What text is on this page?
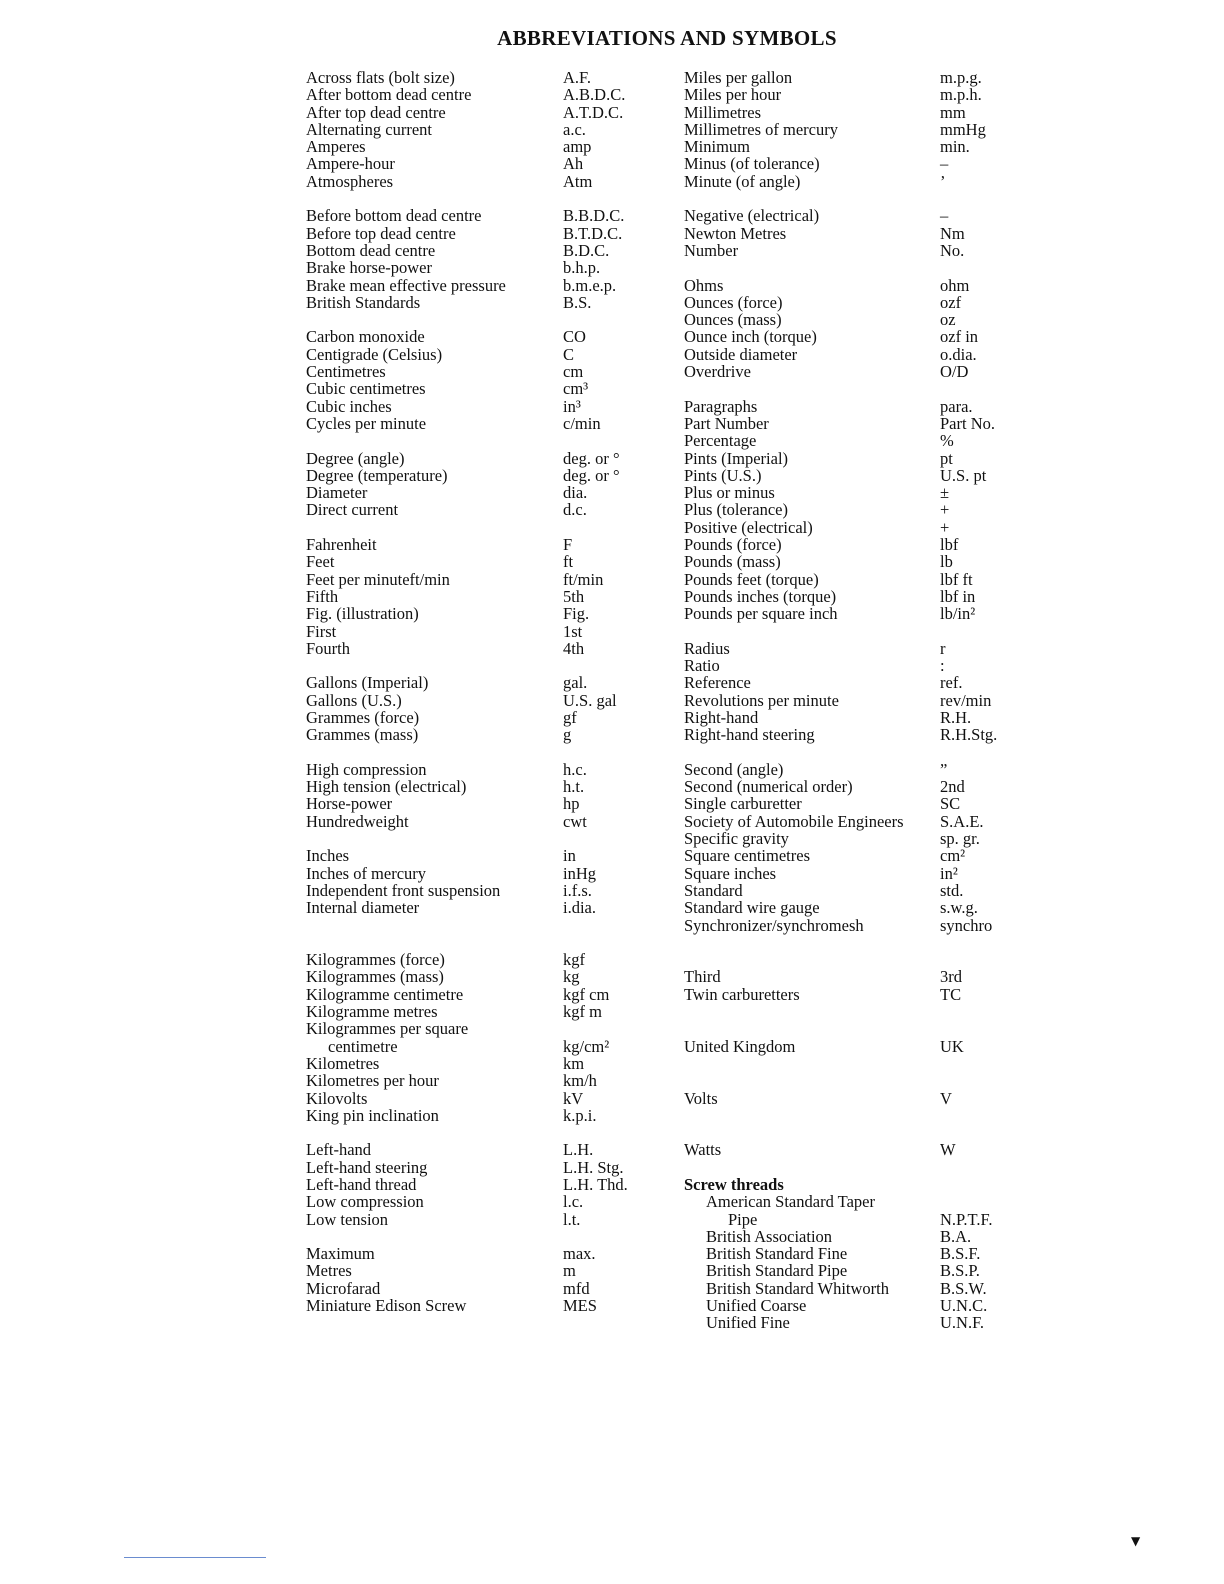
ABBREVIATIONS AND SYMBOLS
Across flats (bolt size)	A.F.
After bottom dead centre	A.B.D.C.
After top dead centre	A.T.D.C.
Alternating current	a.c.
Amperes	amp
Ampere-hour	Ah
Atmospheres	Atm
Before bottom dead centre	B.B.D.C.
Before top dead centre	B.T.D.C.
Bottom dead centre	B.D.C.
Brake horse-power	b.h.p.
Brake mean effective pressure	b.m.e.p.
British Standards	B.S.
Carbon monoxide	CO
Centigrade (Celsius)	C
Centimetres	cm
Cubic centimetres	cm³
Cubic inches	in³
Cycles per minute	c/min
Degree (angle)	deg. or °
Degree (temperature)	deg. or °
Diameter	dia.
Direct current	d.c.
Fahrenheit	F
Feet	ft
Feet per minuteft/min	ft/min
Fifth	5th
Fig. (illustration)	Fig.
First	1st
Fourth	4th
Gallons (Imperial)	gal.
Gallons (U.S.)	U.S. gal
Grammes (force)	gf
Grammes (mass)	g
High compression	h.c.
High tension (electrical)	h.t.
Horse-power	hp
Hundredweight	cwt
Inches	in
Inches of mercury	inHg
Independent front suspension	i.f.s.
Internal diameter	i.dia.
Kilogrammes (force)	kgf
Kilogrammes (mass)	kg
Kilogramme centimetre	kgf cm
Kilogramme metres	kgf m
Kilogrammes per square
centimetre	kg/cm²
Kilometres	km
Kilometres per hour	km/h
Kilovolts	kV
King pin inclination	k.p.i.
Left-hand	L.H.
Left-hand steering	L.H. Stg.
Left-hand thread	L.H. Thd.
Low compression	l.c.
Low tension	l.t.
Maximum	max.
Metres	m
Microfarad	mfd
Miniature Edison Screw	MES
Miles per gallon	m.p.g.
Miles per hour	m.p.h.
Millimetres	mm
Millimetres of mercury	mmHg
Minimum	min.
Minus (of tolerance)	–
Minute (of angle)	’
Negative (electrical)	–
Newton Metres	Nm
Number	No.
Ohms	ohm
Ounces (force)	ozf
Ounces (mass)	oz
Ounce inch (torque)	ozf in
Outside diameter	o.dia.
Overdrive	O/D
Paragraphs	para.
Part Number	Part No.
Percentage	%
Pints (Imperial)	pt
Pints (U.S.)	U.S. pt
Plus or minus	±
Plus (tolerance)	+
Positive (electrical)	+
Pounds (force)	lbf
Pounds (mass)	lb
Pounds feet (torque)	lbf ft
Pounds inches (torque)	lbf in
Pounds per square inch	lb/in²
Radius	r
Ratio	:
Reference	ref.
Revolutions per minute	rev/min
Right-hand	R.H.
Right-hand steering	R.H.Stg.
Second (angle)	”
Second (numerical order)	2nd
Single carburetter	SC
Society of Automobile Engineers S.A.E.
Specific gravity	sp. gr.
Square centimetres	cm²
Square inches	in²
Standard	std.
Standard wire gauge	s.w.g.
Synchronizer/synchromesh	synchro
Third	3rd
Twin carburetters	TC
United Kingdom	UK
Volts	V
Watts	W
Screw threads
American Standard Taper
Pipe	N.P.T.F.
British Association	B.A.
British Standard Fine	B.S.F.
British Standard Pipe	B.S.P.
British Standard Whitworth	B.S.W.
Unified Coarse	U.N.C.
Unified Fine	U.N.F.
▼
